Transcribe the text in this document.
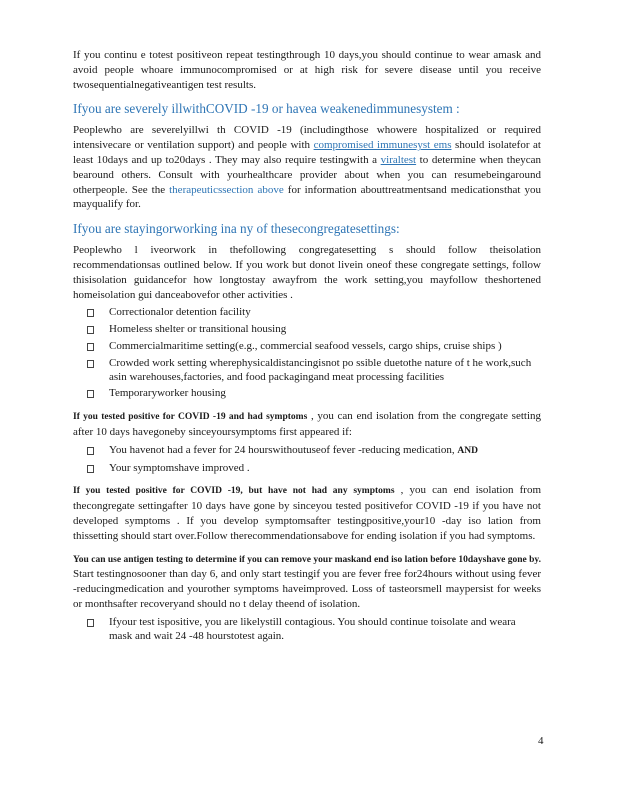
If you continu e totest positiveon repeat testingthrough 10 days,you should continue to wear amask and avoid people whoare immunocompromised or at high risk for severe disease until you receive twosequentialnegativeantigen test results.

Ifyou are severely illwithCOVID -19 or havea weakenedimmunesystem :

Peoplewho are severelyillwi th COVID -19 (includingthose whowere hospitalized or required intensivecare or ventilation support) and people with compromised immunesyst ems should isolatefor at least 10days and up to20days . They may also require testingwith a viraltest to determine when theycan bearound others. Consult with yourhealthcare provider about when you can resumebeingaround otherpeople. See the therapeuticssection above for information abouttreatmentsand medicationsthat you mayqualify for.

Ifyou are stayingorworking ina ny of thesecongregatesettings:

Peoplewho l iveorwork in thefollowing congregatesetting s should follow theisolation recommendationsas outlined below. If you work but donot livein oneof these congregate settings, follow thisisolation guidancefor how longtostay awayfrom the work setting,you mayfollow theshortened homeisolation gui danceabovefor other activities .

Correctionalor detention facility
Homeless shelter or transitional housing
Commercialmaritime setting(e.g., commercial seafood vessels, cargo ships, cruise ships )
Crowded work setting wherephysicaldistancingisnot po ssible duetothe nature of t he work,such asin warehouses,factories, and food packagingand meat processing facilities
Temporaryworker housing

If you tested positive for COVID -19 and had symptoms , you can end isolation from the congregate setting after 10 days havegoneby sinceyoursymptoms first appeared if:

You havenot had a fever for 24 hourswithoutuseof fever -reducing medication, AND
Your symptomshave improved .

If you tested positive for COVID -19, but have not had any symptoms , you can end isolation from thecongregate settingafter 10 days have gone by sinceyou tested positivefor COVID -19 if you have not developed symptoms . If you develop symptomsafter testingpositive,your10 -day iso lation from thissetting should start over.Follow therecommendationsabove for ending isolation if you had symptoms.

You can use antigen testing to determine if you can remove your maskand end iso lation before 10dayshave gone by. Start testingnosooner than day 6, and only start testingif you are fever free for24hours without using fever -reducingmedication and yourother symptoms haveimproved. Loss of tasteorsmell maypersist for weeks or monthsafter recoveryand should no t delay theend of isolation.

Ifyour test ispositive, you are likelystill contagious. You should continue toisolate and weara mask and wait 24 -48 hourstotest again.
4
